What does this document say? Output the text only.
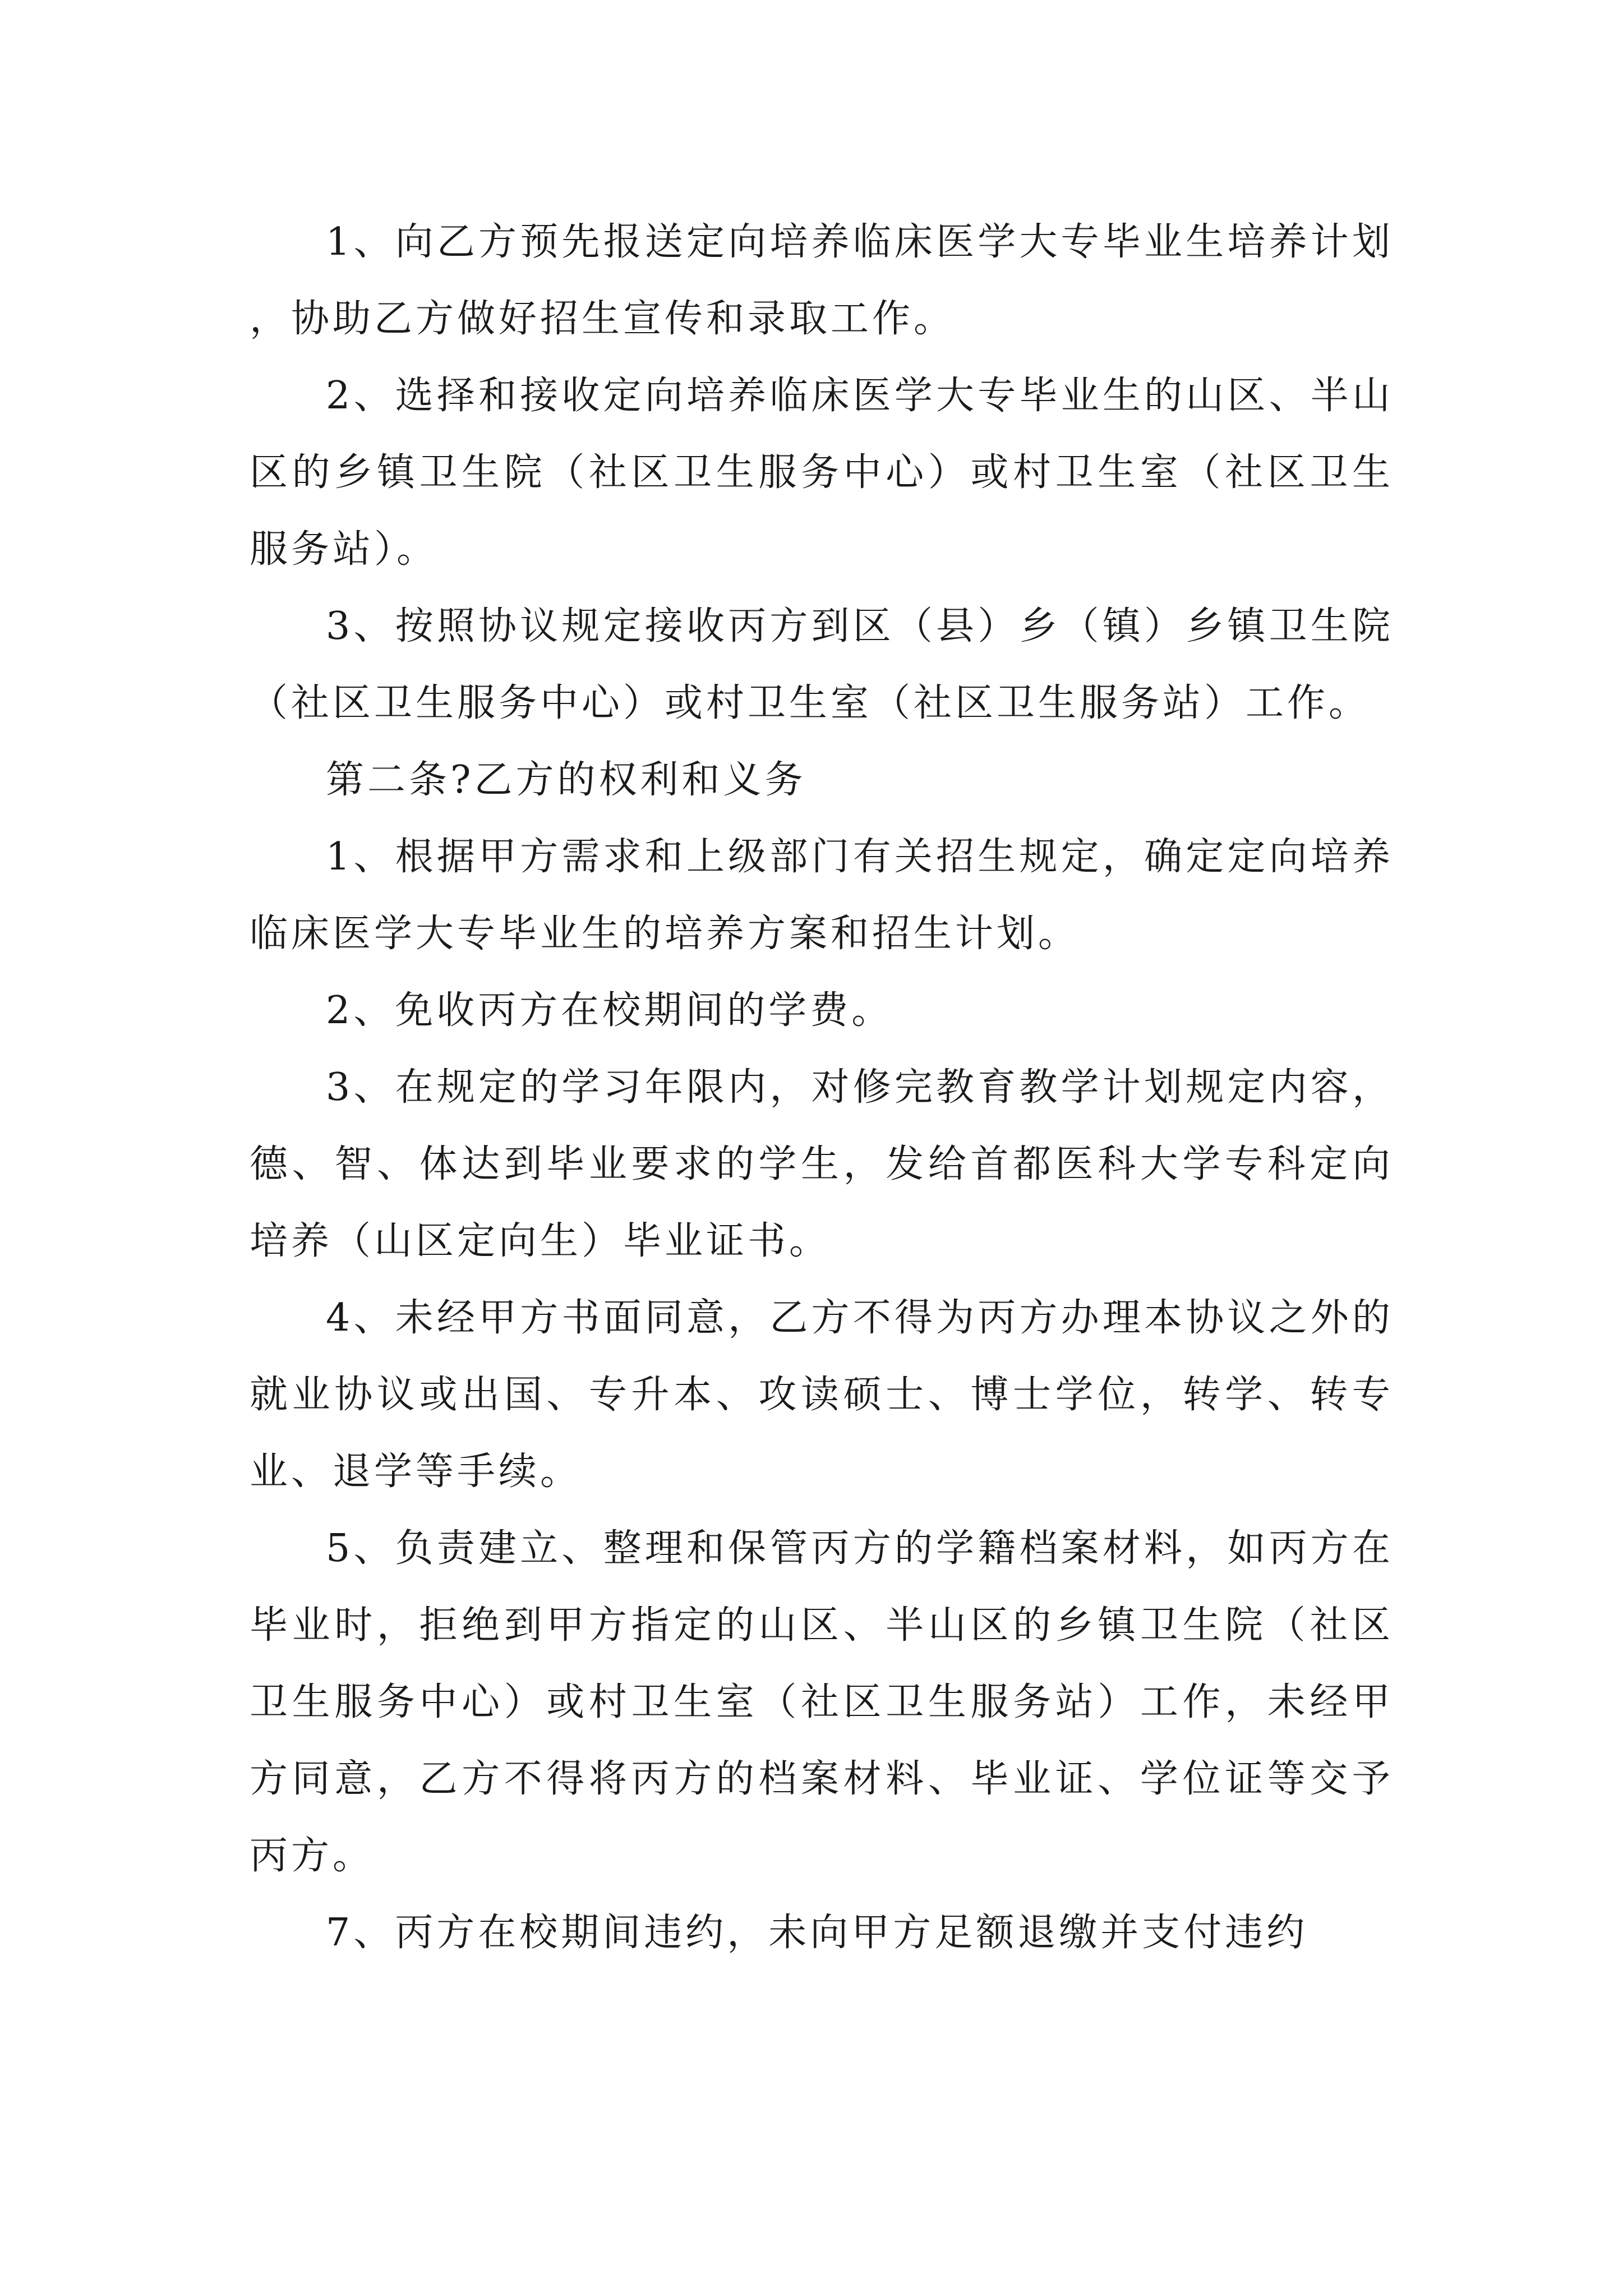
1、向乙方预先报送定向培养临床医学大专毕业生培养计划，协助乙方做好招生宣传和录取工作。

2、选择和接收定向培养临床医学大专毕业生的山区、半山区的乡镇卫生院（社区卫生服务中心）或村卫生室（社区卫生服务站）。

3、按照协议规定接收丙方到区（县）乡（镇）乡镇卫生院（社区卫生服务中心）或村卫生室（社区卫生服务站）工作。

第二条?乙方的权利和义务

1、根据甲方需求和上级部门有关招生规定，确定定向培养临床医学大专毕业生的培养方案和招生计划。

2、免收丙方在校期间的学费。

3、在规定的学习年限内，对修完教育教学计划规定内容，德、智、体达到毕业要求的学生，发给首都医科大学专科定向培养（山区定向生）毕业证书。

4、未经甲方书面同意，乙方不得为丙方办理本协议之外的就业协议或出国、专升本、攻读硕士、博士学位，转学、转专业、退学等手续。

5、负责建立、整理和保管丙方的学籍档案材料，如丙方在毕业时，拒绝到甲方指定的山区、半山区的乡镇卫生院（社区卫生服务中心）或村卫生室（社区卫生服务站）工作，未经甲方同意，乙方不得将丙方的档案材料、毕业证、学位证等交予丙方。

7、丙方在校期间违约，未向甲方足额退缴并支付违约
